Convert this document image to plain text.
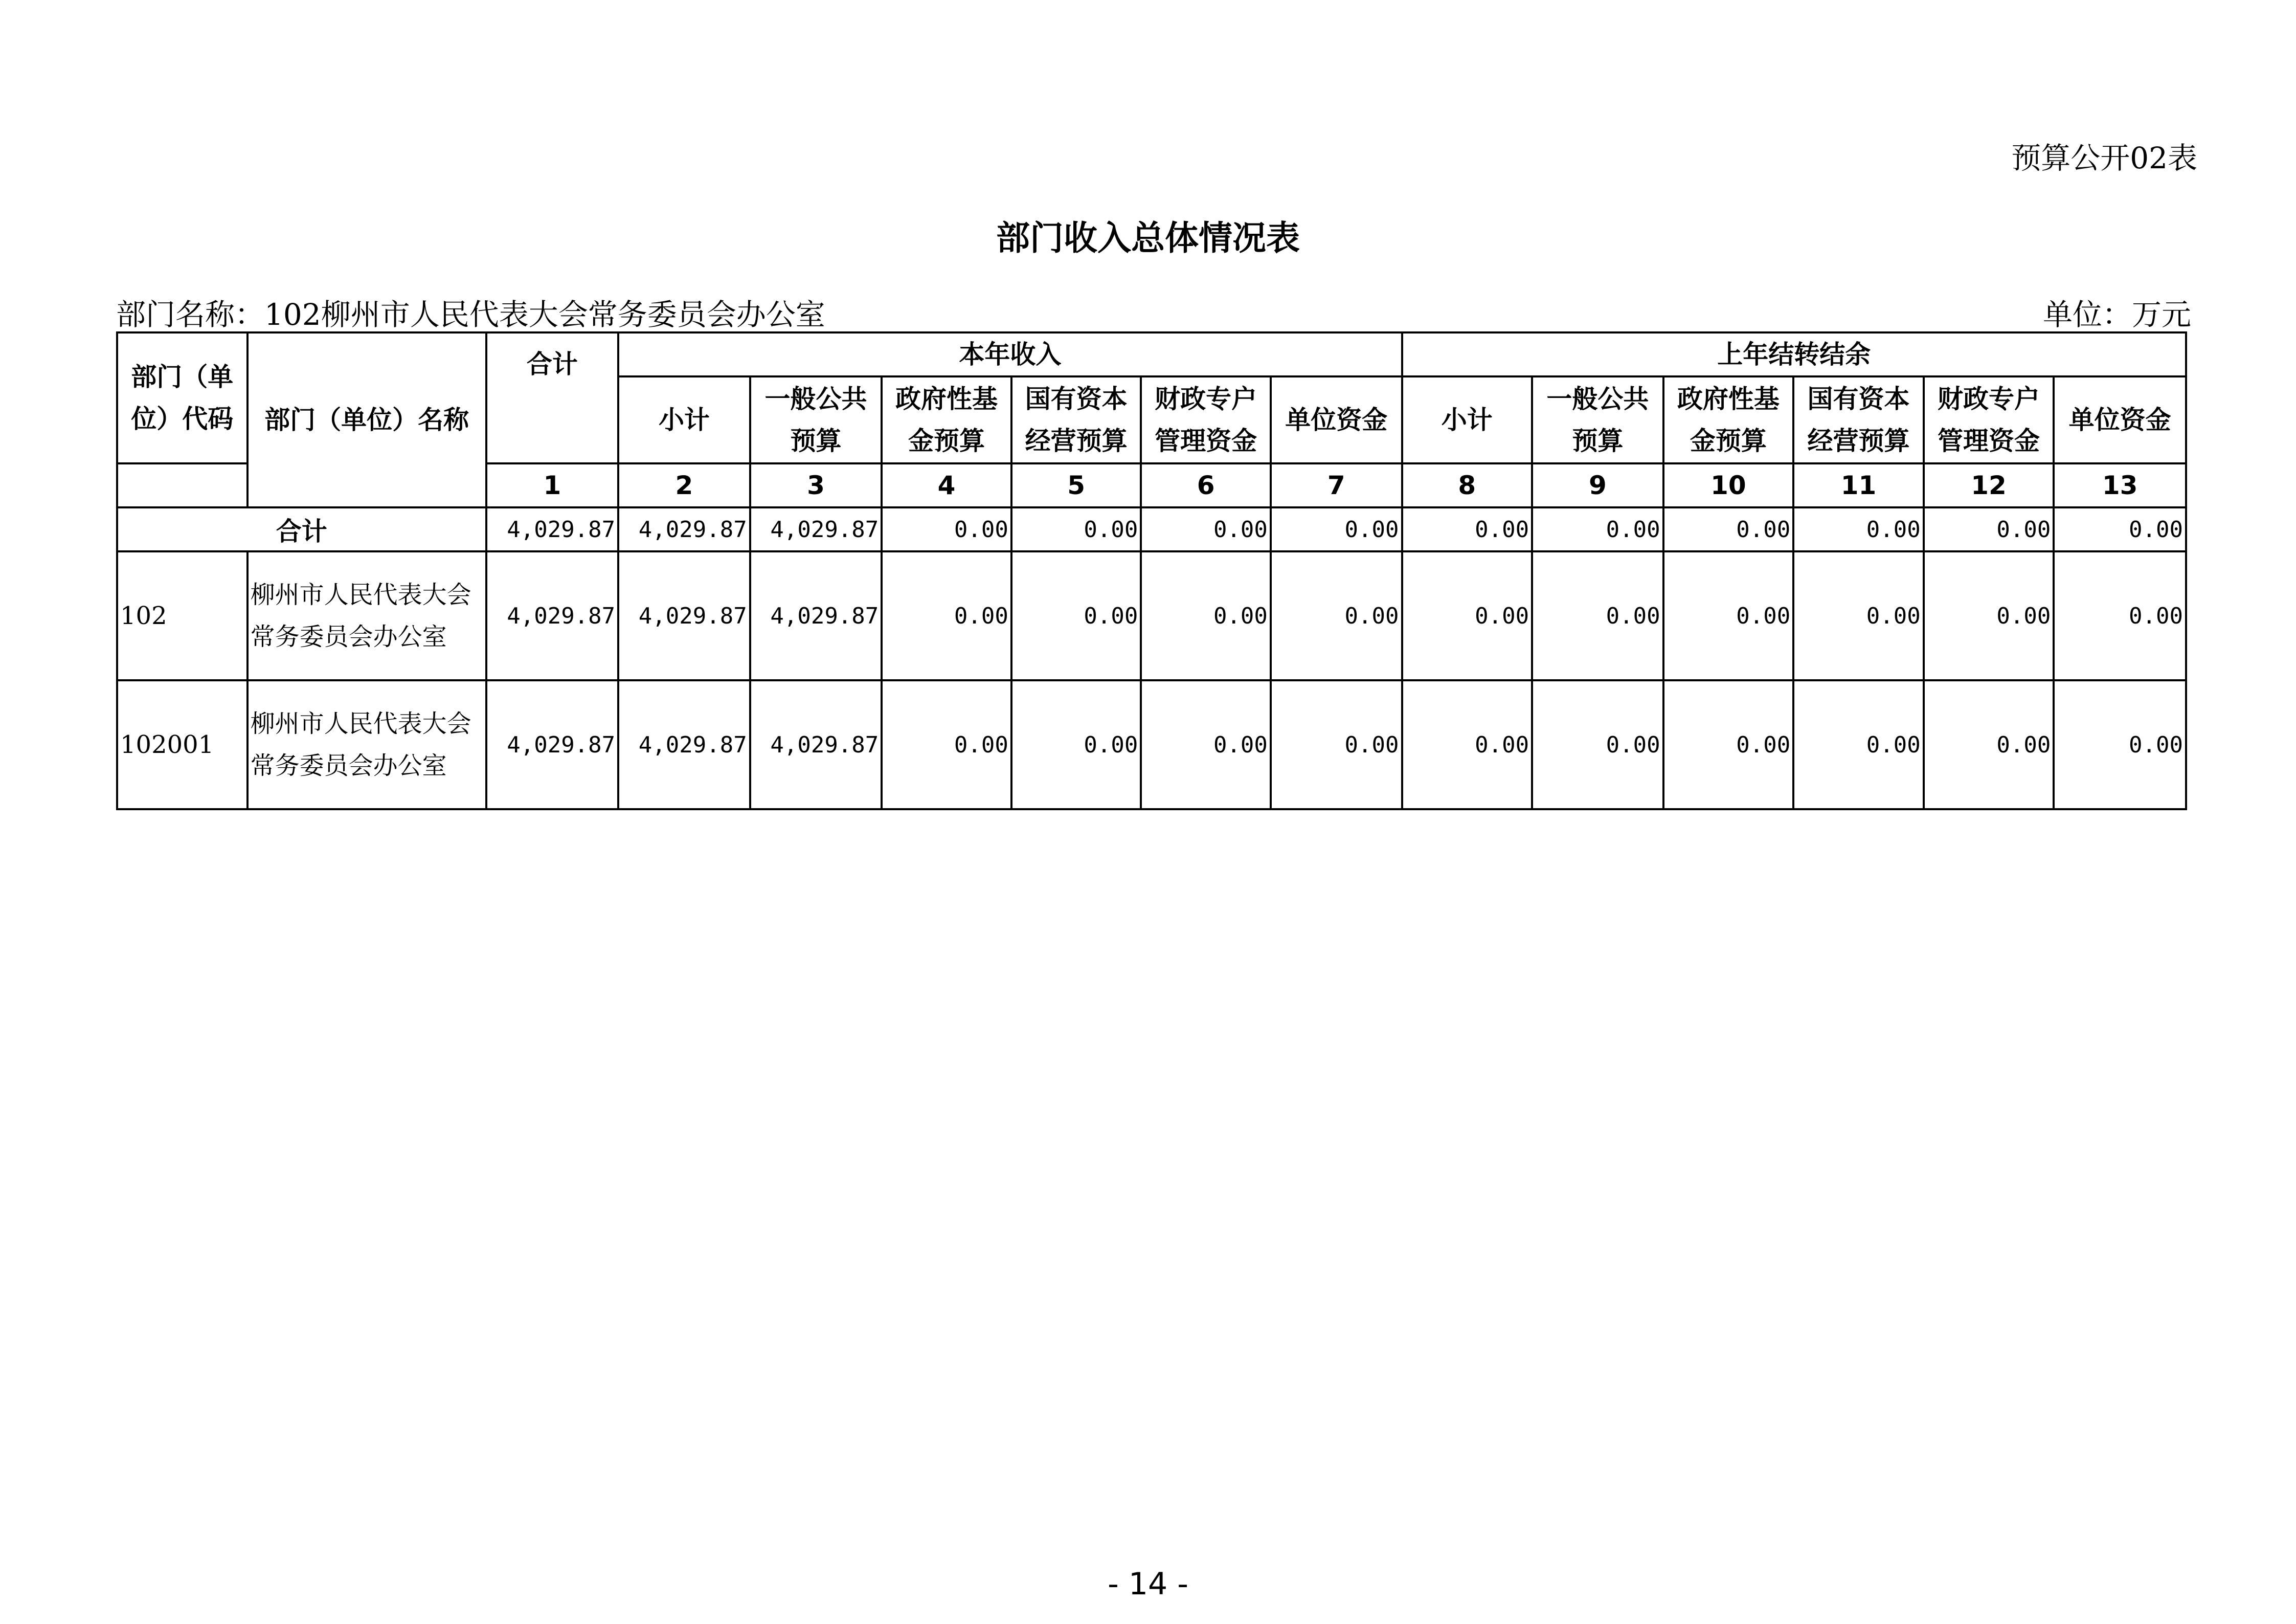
预算公开02表
部门收入总体情况表
部门名称：102柳州市人民代表大会常务委员会办公室	单位：万元
部门（单位）代码	部门（单位）名称	合计	本年收入						上年结转结余					
			小计	一般公共预算	政府性基金预算	国有资本经营预算	财政专户管理资金	单位资金	小计	一般公共预算	政府性基金预算	国有资本经营预算	财政专户管理资金	单位资金
		1	2	3	4	5	6	7	8	9	10	11	12	13
合计		4,029.87	4,029.87	4,029.87	0.00	0.00	0.00	0.00	0.00	0.00	0.00	0.00	0.00	0.00
102	柳州市人民代表大会常务委员会办公室	4,029.87	4,029.87	4,029.87	0.00	0.00	0.00	0.00	0.00	0.00	0.00	0.00	0.00	0.00
102001	柳州市人民代表大会常务委员会办公室	4,029.87	4,029.87	4,029.87	0.00	0.00	0.00	0.00	0.00	0.00	0.00	0.00	0.00	0.00
- 14 -
